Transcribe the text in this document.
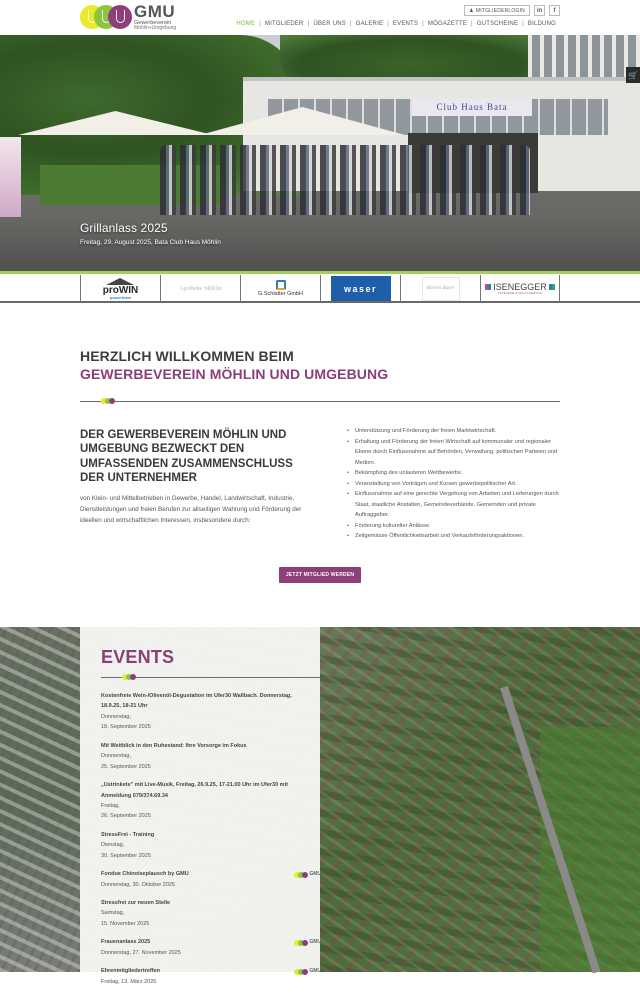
GMU
Gewerbeverein
Möhlin+Umgebung
♟ MITGLIEDERLOGIN	in	f
HOME | MITGLIEDER | ÜBER UNS | GALERIE | EVENTS | MÖGAZETTE | GUTSCHEINE | BILDUNG
Club Haus Bata
Grillanlass 2025
Freitag, 29. August 2025, Bata Club Haus Möhlin
🛒
proWIN
powerteam
Apotheke Möhlin
G.Schlatter GmbH
waser	Marlen Bayer	ISENEGGER
PAPETERIE & DRUCKSERVICE
HERZLICH WILLKOMMEN BEIM
GEWERBEVEREIN MÖHLIN UND UMGEBUNG
DER GEWERBEVEREIN MÖHLIN UND UMGEBUNG BEZWECKT DEN UMFASSENDEN ZUSAMMENSCHLUSS DER UNTERNEHMER

von Klein- und Mittelbetrieben in Gewerbe, Handel, Landwirtschaft, Industrie, Dienstleistungen und freien Berufen zur allseitigen Wahrung und Förderung der ideellen und wirtschaftlichen Interessen, insbesondere durch:

• Unterstützung und Förderung der freien Marktwirtschaft.
• Erhaltung und Förderung der freien Wirtschaft auf kommunaler und regionaler Ebene durch Einflussnahme auf Behörden, Verwaltung, politischen Parteien und Medien.
• Bekämpfung des unlauteren Wettbewerbs.
• Veranstaltung von Vorträgen und Kursen gewerbepolitischer Art.
• Einflussnahme auf eine gerechte Vergebung von Arbeiten und Lieferungen durch Staat, staatliche Anstalten, Gemeindeverbände, Gemeinden und private Auftraggeber.
• Förderung kultureller Anlässe.
• Zeitgemässe Öffentlichkeitsarbeit und Verkaufsförderungsaktionen.
JETZT MITGLIED WERDEN
EVENTS
Kostenfreie Wein-/Olivenöl-Degustation im Ufer30 Wallbach. Donnerstag, 18.9.25, 18-21 Uhr
Donnerstag,
18. September 2025
Mit Weitblick in den Ruhestand: Ihre Vorsorge im Fokus
Donnerstag,
25. September 2025
„Ustrinkete" mit Live-Musik, Freitag, 26.9.25, 17-21.00 Uhr im Ufer30 mit Anmeldung 079/374.69.34
Freitag,
26. September 2025
StressFrei - Training
Dienstag,
30. September 2025
Fondue Chinoiseplausch by GMU
Donnerstag, 30. Oktober 2025
GMU
Stressfrei zur neuen Stelle
Samstag,
15. November 2025
Frauenanlass 2025
Donnerstag, 27. November 2025
GMU
Ehrenmitgliedertreffen
Freitag, 13. März 2026
GMU
